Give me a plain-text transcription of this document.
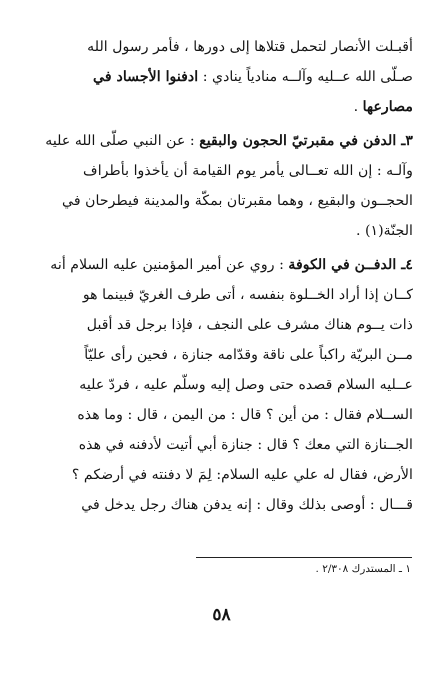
أقبـلت الأنصار لتحمل قتلاها إلى دورها ، فأمر رسول الله
صـلّى الله عــليه وآلــه منادياً ينادي : ادفنوا الأجساد في
مصارعها .
٣ـ الدفن في مقبرتيّ الحجون والبقيع : عن النبي صلّى الله عليه
وآلـه : إن الله تعــالى يأمر يوم القيامة أن يأخذوا بأطراف
الحجــون والبقيع ، وهما مقبرتان بمكّة والمدينة فيطرحان في
الجنّة(١) .
٤ـ الدفــن في الكوفة : روي عن أمير المؤمنين عليه السلام أنه
كــان إذا أراد الخــلوة بنفسه ، أتى طرف الغريّ فبينما هو
ذات يــوم هناك مشرف على النجف ، فإذا برجل قد أقبل
مــن البريّة راكباً على ناقة وقدّامه جنازة ، فحين رأى عليّاً
عــليه السلام قصده حتى وصل إليه وسلّم عليه ، فردّ عليه
الســلام فقال : من أين ؟ قال : من اليمن ، قال : وما هذه
الجــنازة التي معك ؟ قال : جنازة أبي أتيت لأدفنه في هذه
الأرض، فقال له علي عليه السلام: لِمَ لا دفنته في أرضكم ؟
قـــال : أوصى بذلك وقال : إنه يدفن هناك رجل يدخل في
١ ـ المستدرك ٢/٣٠٨ .
٥٨
